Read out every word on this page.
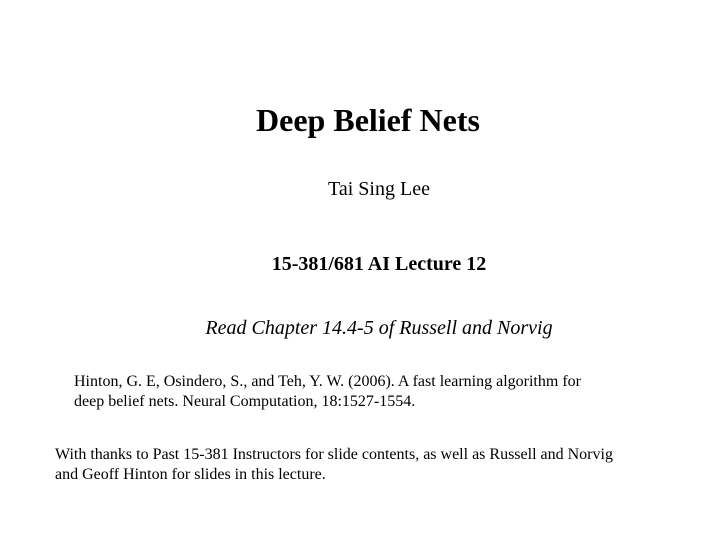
Deep Belief Nets
Tai Sing Lee
15-381/681 AI Lecture 12
Read Chapter 14.4-5 of Russell and Norvig
Hinton, G. E, Osindero, S., and Teh, Y. W. (2006). A fast learning algorithm for
deep belief nets. Neural Computation, 18:1527-1554.
With thanks to Past 15-381 Instructors for slide contents, as well as Russell and Norvig
and Geoff Hinton for slides in this lecture.
